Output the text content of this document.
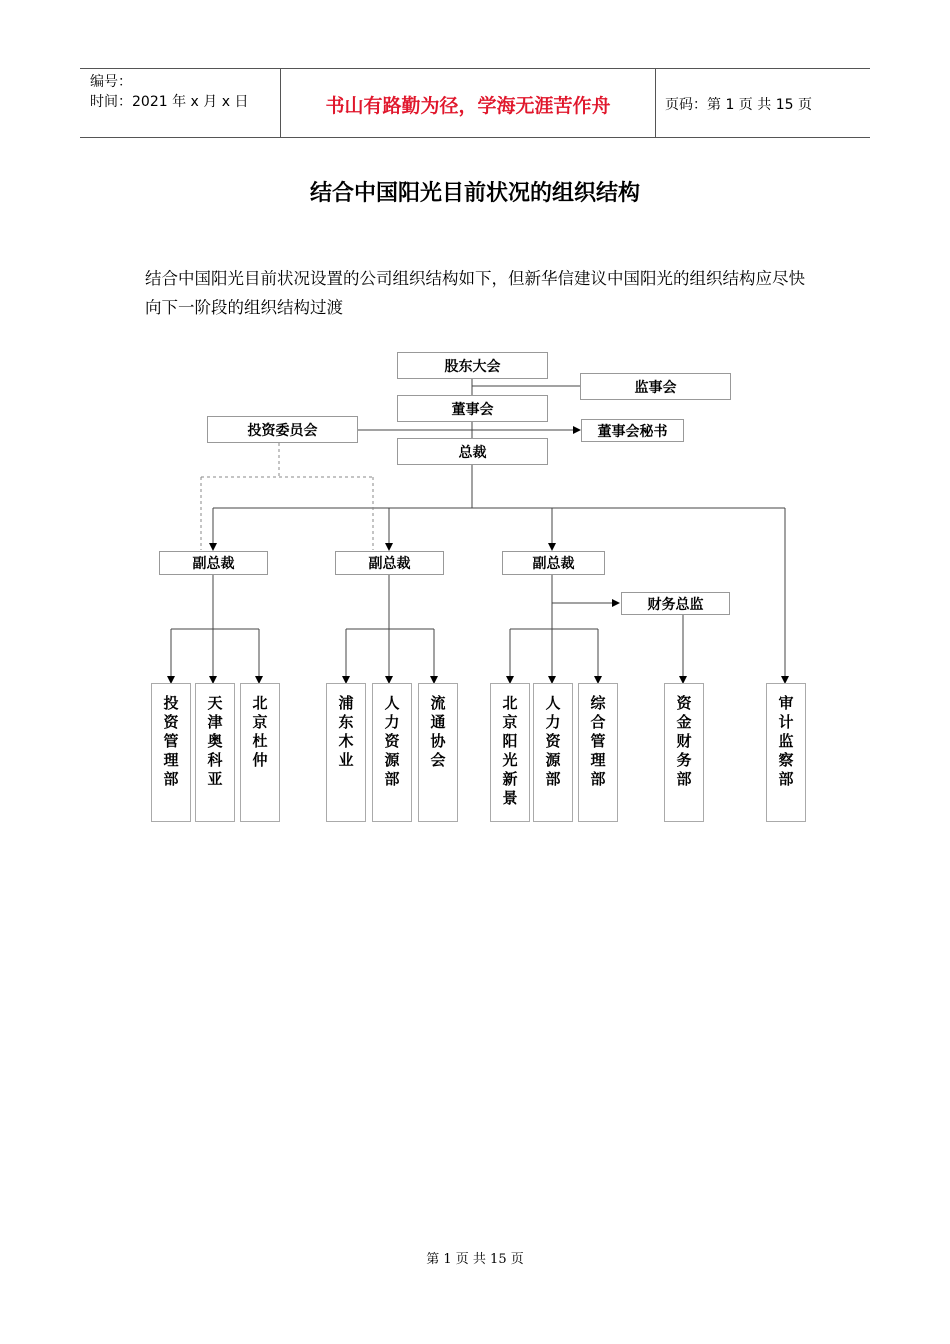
编号：
时间：2021 年 x 月 x 日	书山有路勤为径，学海无涯苦作舟	页码：第 1 页 共 15 页
结合中国阳光目前状况的组织结构
结合中国阳光目前状况设置的公司组织结构如下，但新华信建议中国阳光的组织结构应尽快向下一阶段的组织结构过渡
股东大会
监事会
董事会
投资委员会	董事会秘书
总裁
副总裁	副总裁	副总裁
财务总监
投资管理部
天津奥科亚
北京杜仲
浦东木业
人力资源部
流通协会
北京阳光新景
人力资源部
综合管理部
资金财务部
审计监察部
第 1 页 共 15 页
